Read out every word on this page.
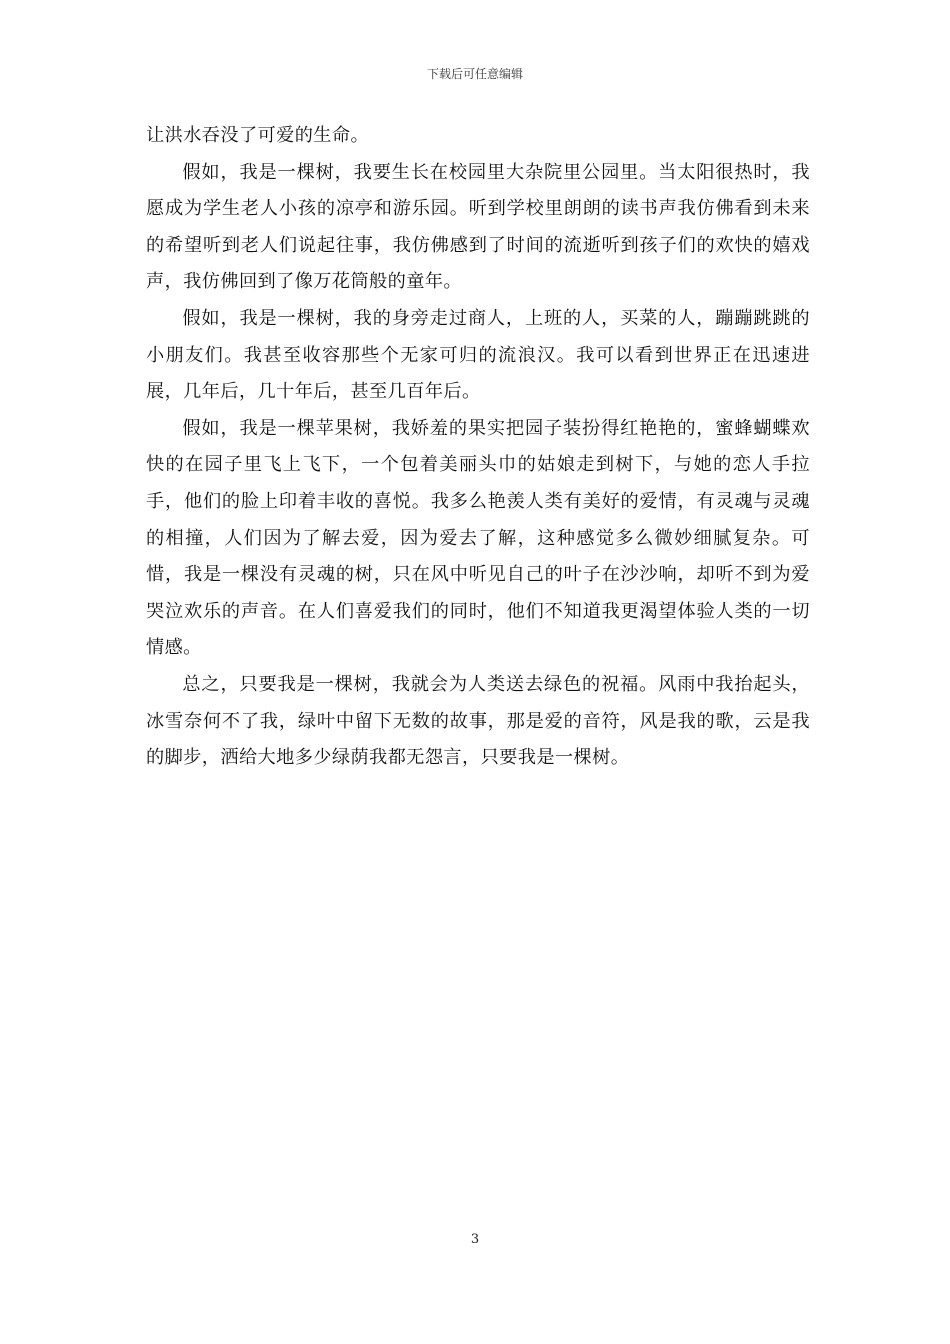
下载后可任意编辑

让洪水吞没了可爱的生命。

假如，我是一棵树，我要生长在校园里大杂院里公园里。当太阳很热时，我愿成为学生老人小孩的凉亭和游乐园。听到学校里朗朗的读书声我仿佛看到未来的希望听到老人们说起往事，我仿佛感到了时间的流逝听到孩子们的欢快的嬉戏声，我仿佛回到了像万花筒般的童年。

假如，我是一棵树，我的身旁走过商人，上班的人，买菜的人，蹦蹦跳跳的小朋友们。我甚至收容那些个无家可归的流浪汉。我可以看到世界正在迅速进展，几年后，几十年后，甚至几百年后。

假如，我是一棵苹果树，我娇羞的果实把园子装扮得红艳艳的，蜜蜂蝴蝶欢快的在园子里飞上飞下，一个包着美丽头巾的姑娘走到树下，与她的恋人手拉手，他们的脸上印着丰收的喜悦。我多么艳羡人类有美好的爱情，有灵魂与灵魂的相撞，人们因为了解去爱，因为爱去了解，这种感觉多么微妙细腻复杂。可惜，我是一棵没有灵魂的树，只在风中听见自己的叶子在沙沙响，却听不到为爱哭泣欢乐的声音。在人们喜爱我们的同时，他们不知道我更渴望体验人类的一切情感。

总之，只要我是一棵树，我就会为人类送去绿色的祝福。风雨中我抬起头，冰雪奈何不了我，绿叶中留下无数的故事，那是爱的音符，风是我的歌，云是我的脚步，洒给大地多少绿荫我都无怨言，只要我是一棵树。

3
